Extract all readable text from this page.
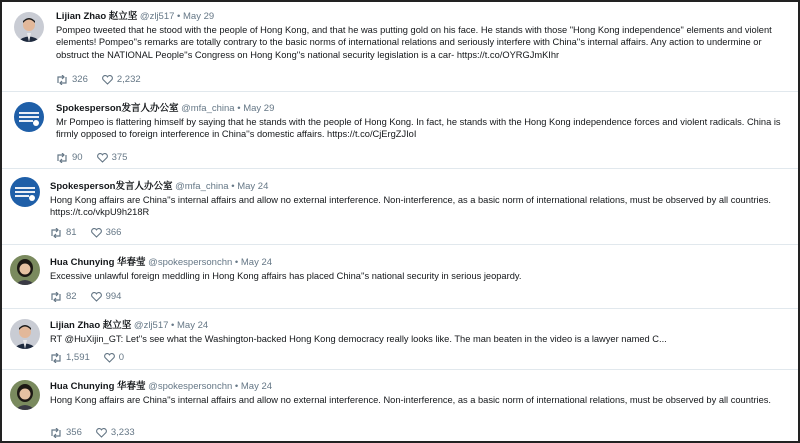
Lijian Zhao 赵立坚 @zlj517 • May 29
Pompeo tweeted that he stood with the people of Hong Kong, and that he was putting gold on his face. He stands with those "Hong Kong independence" elements and violent elements! Pompeo''s remarks are totally contrary to the basic norms of international relations and seriously interfere with China''s internal affairs. Any action to undermine or obstruct the NATIONAL People''s Congress on Hong Kong''s national security legislation is a car- https://t.co/OYRGJmKIhr
326	2,232
Spokesperson发言人办公室 @mfa_china • May 29
Mr Pompeo is flattering himself by saying that he stands with the people of Hong Kong. In fact, he stands with the Hong Kong independence forces and violent radicals. China is firmly opposed to foreign interference in China''s domestic affairs. https://t.co/CjErgZJIoI
90	375
Spokesperson发言人办公室 @mfa_china • May 24
Hong Kong affairs are China''s internal affairs and allow no external interference. Non-interference, as a basic norm of international relations, must be observed by all countries. https://t.co/vkpU9h218R
81	366
Hua Chunying 华春莹 @spokespersonchn • May 24
Excessive unlawful foreign meddling in Hong Kong affairs has placed China''s national security in serious jeopardy.
82	994
Lijian Zhao 赵立坚 @zlj517 • May 24
RT @HuXijin_GT: Let''s see what the Washington-backed Hong Kong democracy really looks like. The man beaten in the video is a lawyer named C...
1,591	0
Hua Chunying 华春莹 @spokespersonchn • May 24
Hong Kong affairs are China''s internal affairs and allow no external interference. Non-interference, as a basic norm of international relations, must be observed by all countries.
356	3,233
